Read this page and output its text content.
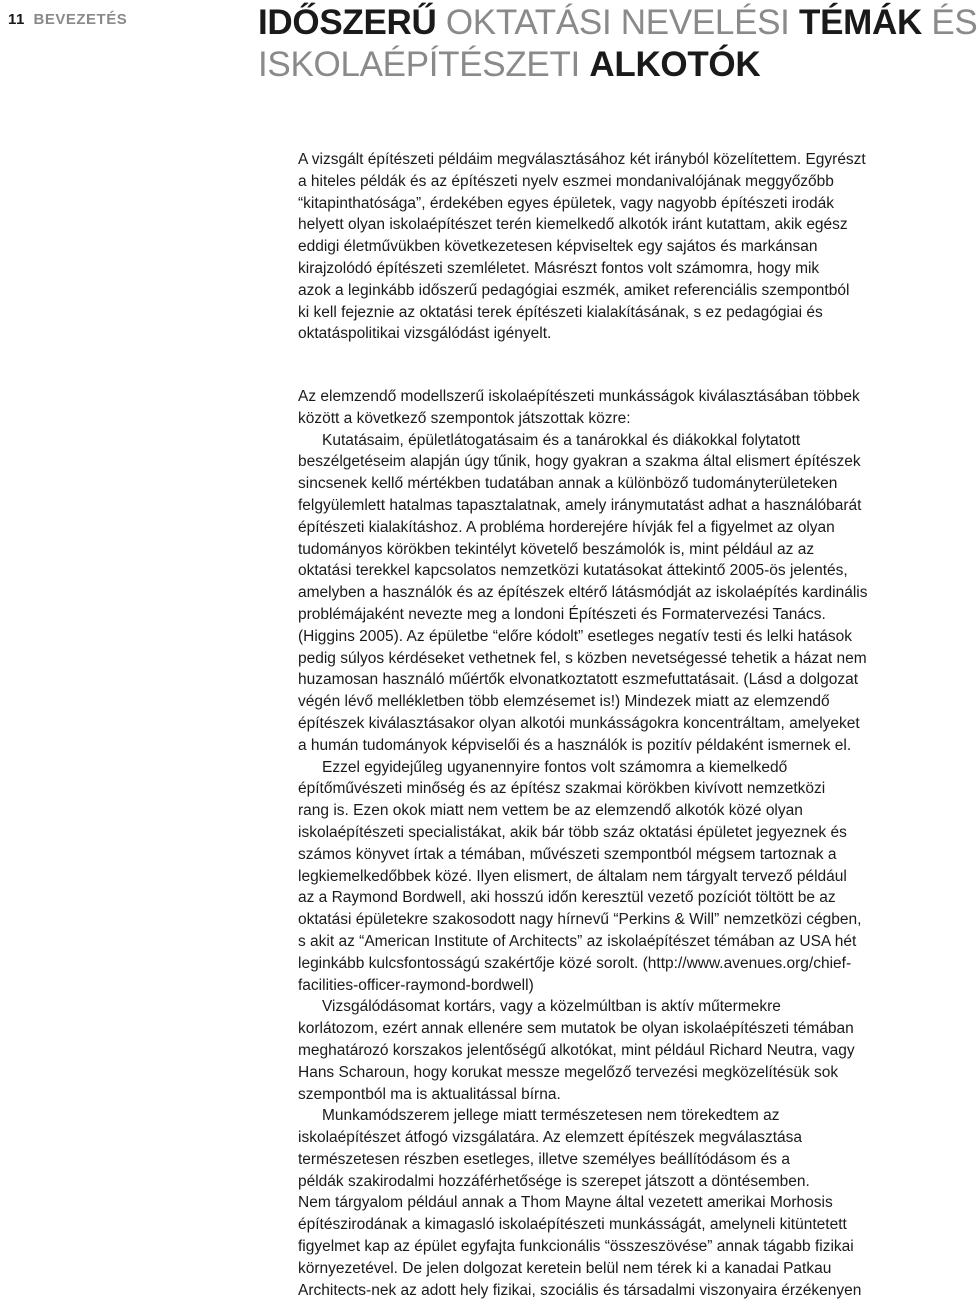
11 BEVEZETÉS	IDŐSZERŰ OKTATÁSI NEVELÉSI TÉMÁK ÉS
ISKOLAÉPÍTÉSZETI ALKOTÓK
A vizsgált építészeti példáim megválasztásához két irányból közelítettem. Egyrészt
a hiteles példák és az építészeti nyelv eszmei mondanivalójának meggyőzőbb
“kitapinthatósága”, érdekében egyes épületek, vagy nagyobb építészeti irodák
helyett olyan iskolaépítészet terén kiemelkedő alkotók iránt kutattam, akik egész
eddigi életművükben következetesen képviseltek egy sajátos és markánsan
kirajzolódó építészeti szemléletet. Másrészt fontos volt számomra, hogy mik
azok a leginkább időszerű pedagógiai eszmék, amiket referenciális szempontból
ki kell fejeznie az oktatási terek építészeti kialakításának, s ez pedagógiai és
oktatáspolitikai vizsgálódást igényelt.
Az elemzendő modellszerű iskolaépítészeti munkásságok kiválasztásában többek
között a következő szempontok játszottak közre:
Kutatásaim, épületlátogatásaim és a tanárokkal és diákokkal folytatott
beszélgetéseim alapján úgy tűnik, hogy gyakran a szakma által elismert építészek
sincsenek kellő mértékben tudatában annak a különböző tudományterületeken
felgyülemlett hatalmas tapasztalatnak, amely iránymutatást adhat a használóbarát
építészeti kialakításhoz. A probléma horderejére hívják fel a figyelmet az olyan
tudományos körökben tekintélyt követelő beszámolók is, mint például az az
oktatási terekkel kapcsolatos nemzetközi kutatásokat áttekintő 2005-ös jelentés,
amelyben a használók és az építészek eltérő látásmódját az iskolaépítés kardinális
problémájaként nevezte meg a londoni Építészeti és Formatervezési Tanács.
(Higgins 2005). Az épületbe “előre kódolt” esetleges negatív testi és lelki hatások
pedig súlyos kérdéseket vethetnek fel, s közben nevetségessé tehetik a házat nem
huzamosan használó műértők elvonatkoztatott eszmefuttatásait. (Lásd a dolgozat
végén lévő mellékletben több elemzésemet is!) Mindezek miatt az elemzendő
építészek kiválasztásakor olyan alkotói munkásságokra koncentráltam, amelyeket
a humán tudományok képviselői és a használók is pozitív példaként ismernek el.
Ezzel egyidejűleg ugyanennyire fontos volt számomra a kiemelkedő
építőművészeti minőség és az építész szakmai körökben kivívott nemzetközi
rang is. Ezen okok miatt nem vettem be az elemzendő alkotók közé olyan
iskolaépítészeti specialistákat, akik bár több száz oktatási épületet jegyeznek és
számos könyvet írtak a témában, művészeti szempontból mégsem tartoznak a
legkiemelkedőbbek közé. Ilyen elismert, de általam nem tárgyalt tervező például
az a Raymond Bordwell, aki hosszú időn keresztül vezető pozíciót töltött be az
oktatási épületekre szakosodott nagy hírnevű “Perkins & Will” nemzetközi cégben,
s akit az “American Institute of Architects” az iskolaépítészet témában az USA hét
leginkább kulcsfontosságú szakértője közé sorolt. (http://www.avenues.org/chief-
facilities-officer-raymond-bordwell)
Vizsgálódásomat kortárs, vagy a közelmúltban is aktív műtermekre
korlátozom, ezért annak ellenére sem mutatok be olyan iskolaépítészeti témában
meghatározó korszakos jelentőségű alkotókat, mint például Richard Neutra, vagy
Hans Scharoun, hogy korukat messze megelőző tervezési megközelítésük sok
szempontból ma is aktualitással bírna.
Munkamódszerem jellege miatt természetesen nem törekedtem az
iskolaépítészet átfogó vizsgálatára. Az elemzett építészek megválasztása
természetesen részben esetleges, illetve személyes beállítódásom és a
példák szakirodalmi hozzáférhetősége is szerepet játszott a döntésemben.
Nem tárgyalom például annak a Thom Mayne által vezetett amerikai Morhosis
építészirodának a kimagasló iskolaépítészeti munkásságát, amelyneli kitüntetett
figyelmet kap az épület egyfajta funkcionális “összeszövése” annak tágabb fizikai
környezetével. De jelen dolgozat keretein belül nem térek ki a kanadai Patkau
Architects-nek az adott hely fizikai, szociális és társadalmi viszonyaira érzékenyen
